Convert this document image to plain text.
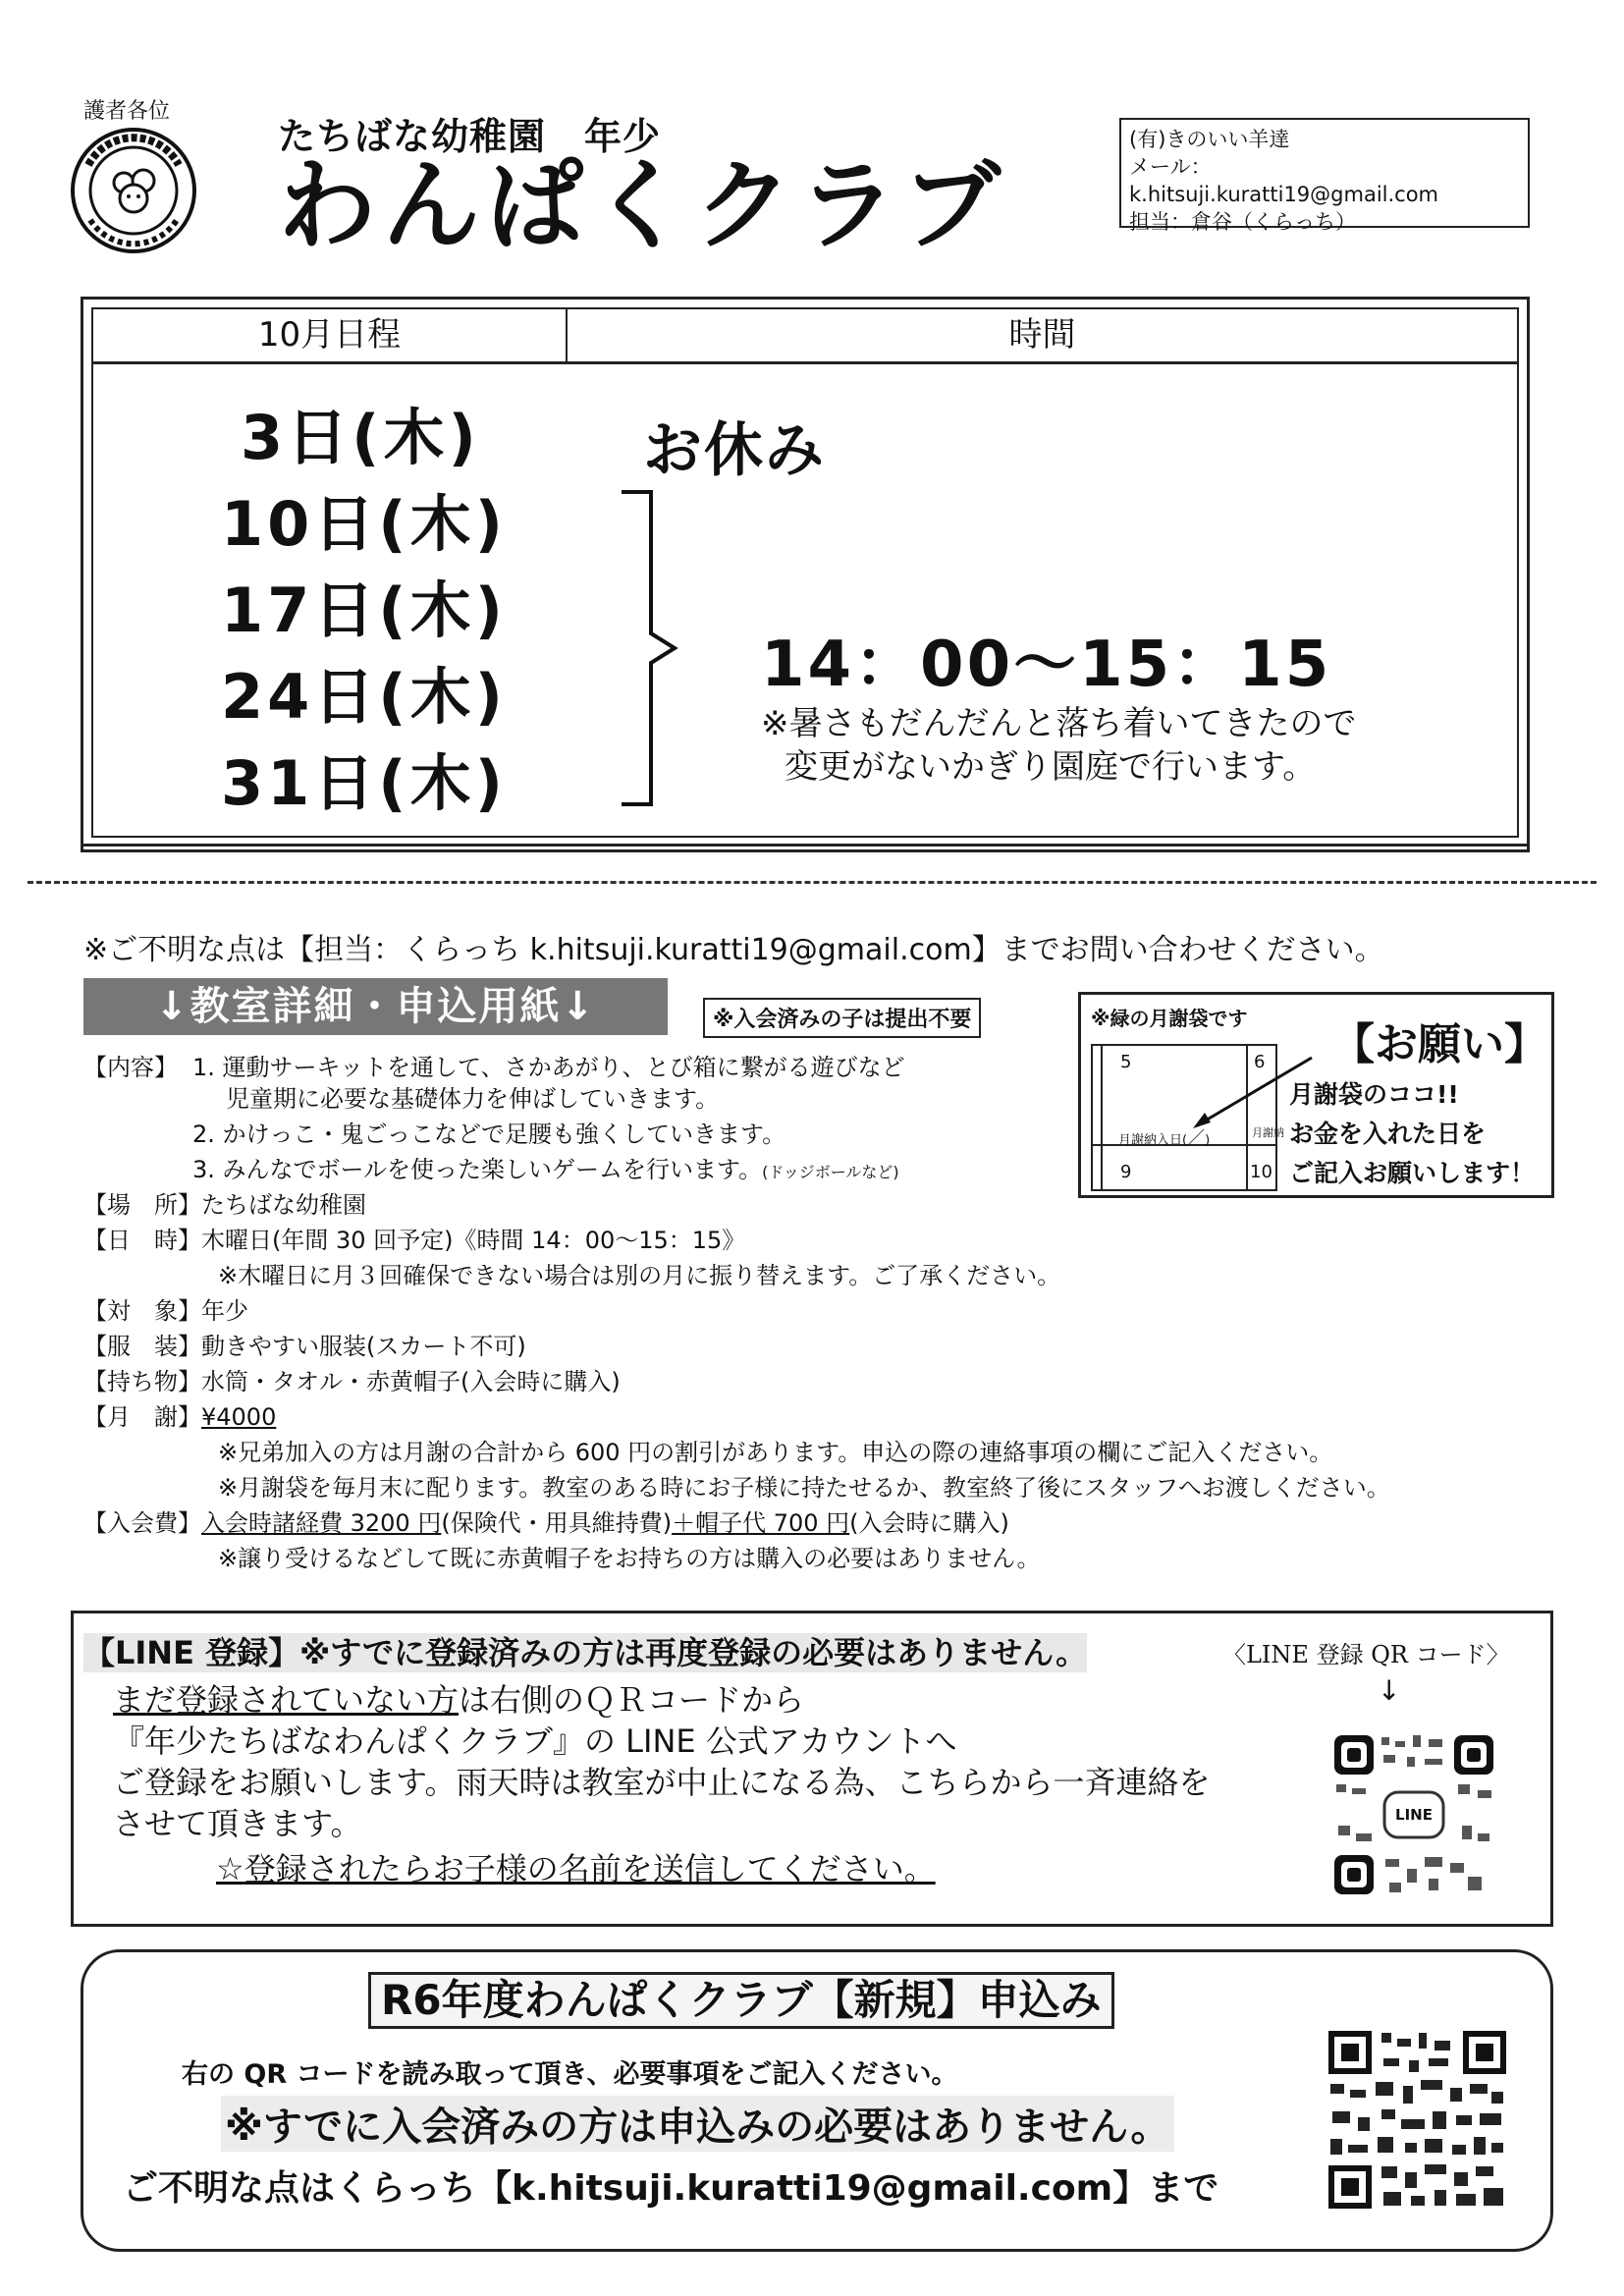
護者各位
たちばな幼稚園　年少
わんぱくクラブ
(有)きのいい羊達
メール：k.hitsuji.kuratti19@gmail.com
担当：倉谷（くらっち）
10月日程	時間
3日(木)	お休み
10日(木)
17日(木)
24日(木)
31日(木)
14：00～15：15
※暑さもだんだんと落ち着いてきたので
変更がないかぎり園庭で行います。
※ご不明な点は【担当：くらっち k.hitsuji.kuratti19@gmail.com】までお問い合わせください。
↓教室詳細・申込用紙↓	※入会済みの子は提出不要
【内容】 1. 運動サーキットを通して、さかあがり、とび箱に繋がる遊びなど
児童期に必要な基礎体力を伸ばしていきます。
2. かけっこ・鬼ごっこなどで足腰も強くしていきます。
3. みんなでボールを使った楽しいゲームを行います。(ドッジボールなど)
【場　所】たちばな幼稚園
【日　時】木曜日(年間 30 回予定)《時間 14：00～15：15》
※木曜日に月３回確保できない場合は別の月に振り替えます。ご了承ください。
【対　象】年少
【服　装】動きやすい服装(スカート不可)
【持ち物】水筒・タオル・赤黄帽子(入会時に購入)
【月　謝】¥4000
※兄弟加入の方は月謝の合計から 600 円の割引があります。申込の際の連絡事項の欄にご記入ください。
※月謝袋を毎月末に配ります。教室のある時にお子様に持たせるか、教室終了後にスタッフへお渡しください。
【入会費】入会時諸経費 3200 円(保険代・用具維持費)＋帽子代 700 円(入会時に購入)
※譲り受けるなどして既に赤黄帽子をお持ちの方は購入の必要はありません。
※緑の月謝袋です
【お願い】
5	6
9	10
月謝納入日(／)
月謝納
月謝袋のココ!!
お金を入れた日を
ご記入お願いします！
【LINE 登録】※すでに登録済みの方は再度登録の必要はありません。
まだ登録されていない方は右側のＱＲコードから
『年少たちばなわんぱくクラブ』の LINE 公式アカウントへ
ご登録をお願いします。雨天時は教室が中止になる為、こちらから一斉連絡を
させて頂きます。
☆登録されたらお子様の名前を送信してください。
〈LINE 登録 QR コード〉
↓
LINE
R6年度わんぱくクラブ【新規】申込み
右の QR コードを読み取って頂き、必要事項をご記入ください。
※すでに入会済みの方は申込みの必要はありません。
ご不明な点はくらっち【k.hitsuji.kuratti19@gmail.com】まで
